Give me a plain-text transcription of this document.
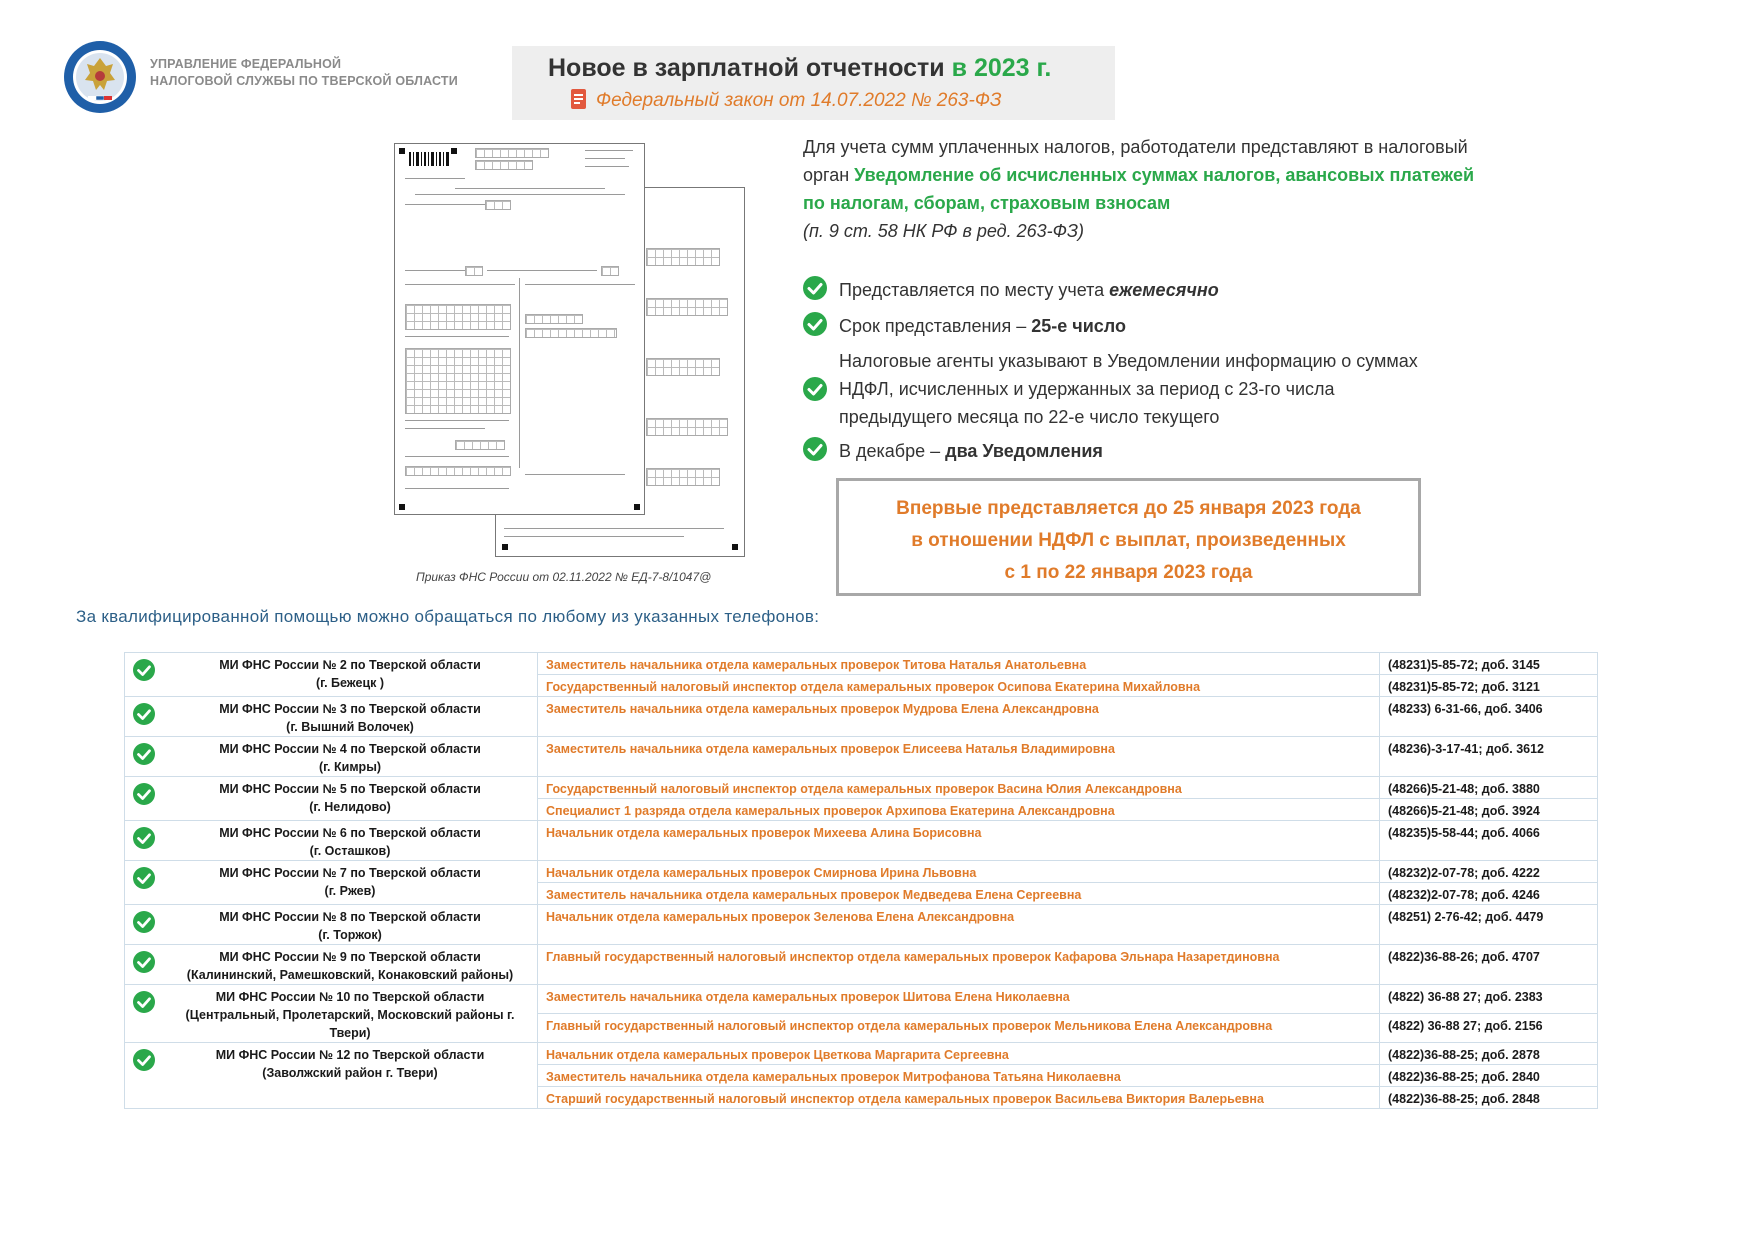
УПРАВЛЕНИЕ ФЕДЕРАЛЬНОЙ
НАЛОГОВОЙ СЛУЖБЫ ПО ТВЕРСКОЙ ОБЛАСТИ	Новое в зарплатной отчетности в 2023 г.
Федеральный закон от 14.07.2022 № 263-ФЗ
Приказ ФНС России от 02.11.2022 № ЕД-7-8/1047@
Для учета сумм уплаченных налогов, работодатели представляют в налоговый орган Уведомление об исчисленных суммах налогов, авансовых платежей по налогам, сборам, страховым взносам
(п. 9 ст. 58 НК РФ в ред. 263-ФЗ)
Представляется по месту учета ежемесячно
Срок представления – 25-е число
Налоговые агенты указывают в Уведомлении информацию о суммах НДФЛ, исчисленных и удержанных за период с 23-го числа предыдущего месяца по 22-е число текущего
В декабре – два Уведомления
Впервые представляется до 25 января 2023 года
в отношении НДФЛ с выплат, произведенных
с 1 по 22 января 2023 года
За квалифицированной помощью можно обращаться по любому из указанных телефонов:
МИ ФНС России № 2 по Тверской области
(г. Бежецк )	Заместитель начальника отдела камеральных проверок Титова Наталья Анатольевна	(48231)5-85-72; доб. 3145
	Государственный налоговый инспектор отдела камеральных проверок Осипова Екатерина Михайловна	(48231)5-85-72; доб. 3121

МИ ФНС России № 3 по Тверской области
(г. Вышний Волочек)	Заместитель начальника отдела камеральных проверок Мудрова Елена Александровна	(48233) 6-31-66, доб. 3406

МИ ФНС России № 4 по Тверской области
(г. Кимры)	Заместитель начальника отдела камеральных проверок Елисеева Наталья Владимировна	(48236)-3-17-41; доб. 3612

МИ ФНС России № 5 по Тверской области
(г. Нелидово)	Государственный налоговый инспектор отдела камеральных проверок Васина Юлия Александровна	(48266)5-21-48; доб. 3880
	Специалист 1 разряда отдела камеральных проверок Архипова Екатерина Александровна	(48266)5-21-48; доб. 3924

МИ ФНС России № 6 по Тверской области
(г. Осташков)	Начальник отдела камеральных проверок Михеева Алина Борисовна	(48235)5-58-44; доб. 4066

МИ ФНС России № 7 по Тверской области
(г. Ржев)	Начальник отдела камеральных проверок Смирнова Ирина Львовна	(48232)2-07-78; доб. 4222
	Заместитель начальника отдела камеральных проверок Медведева Елена Сергеевна	(48232)2-07-78; доб. 4246

МИ ФНС России № 8 по Тверской области
(г. Торжок)	Начальник отдела камеральных проверок Зеленова Елена Александровна	(48251) 2-76-42; доб. 4479

МИ ФНС России № 9 по Тверской области
(Калининский, Рамешковский, Конаковский районы)	Главный государственный налоговый инспектор отдела камеральных проверок Кафарова Эльнара Назаретдиновна	(4822)36-88-26; доб. 4707

МИ ФНС России № 10 по Тверской области
(Центральный, Пролетарский, Московский районы г. Твери)	Заместитель начальника отдела камеральных проверок Шитова Елена Николаевна	(4822) 36-88 27; доб. 2383
	Главный государственный налоговый инспектор отдела камеральных проверок Мельникова Елена Александровна	(4822) 36-88 27; доб. 2156

МИ ФНС России № 12 по Тверской области
(Заволжский район г. Твери)	Начальник отдела камеральных проверок Цветкова Маргарита Сергеевна	(4822)36-88-25; доб. 2878
	Заместитель начальника отдела камеральных проверок Митрофанова Татьяна Николаевна	(4822)36-88-25; доб. 2840
	Старший государственный налоговый инспектор отдела камеральных проверок Васильева Виктория Валерьевна	(4822)36-88-25; доб. 2848
